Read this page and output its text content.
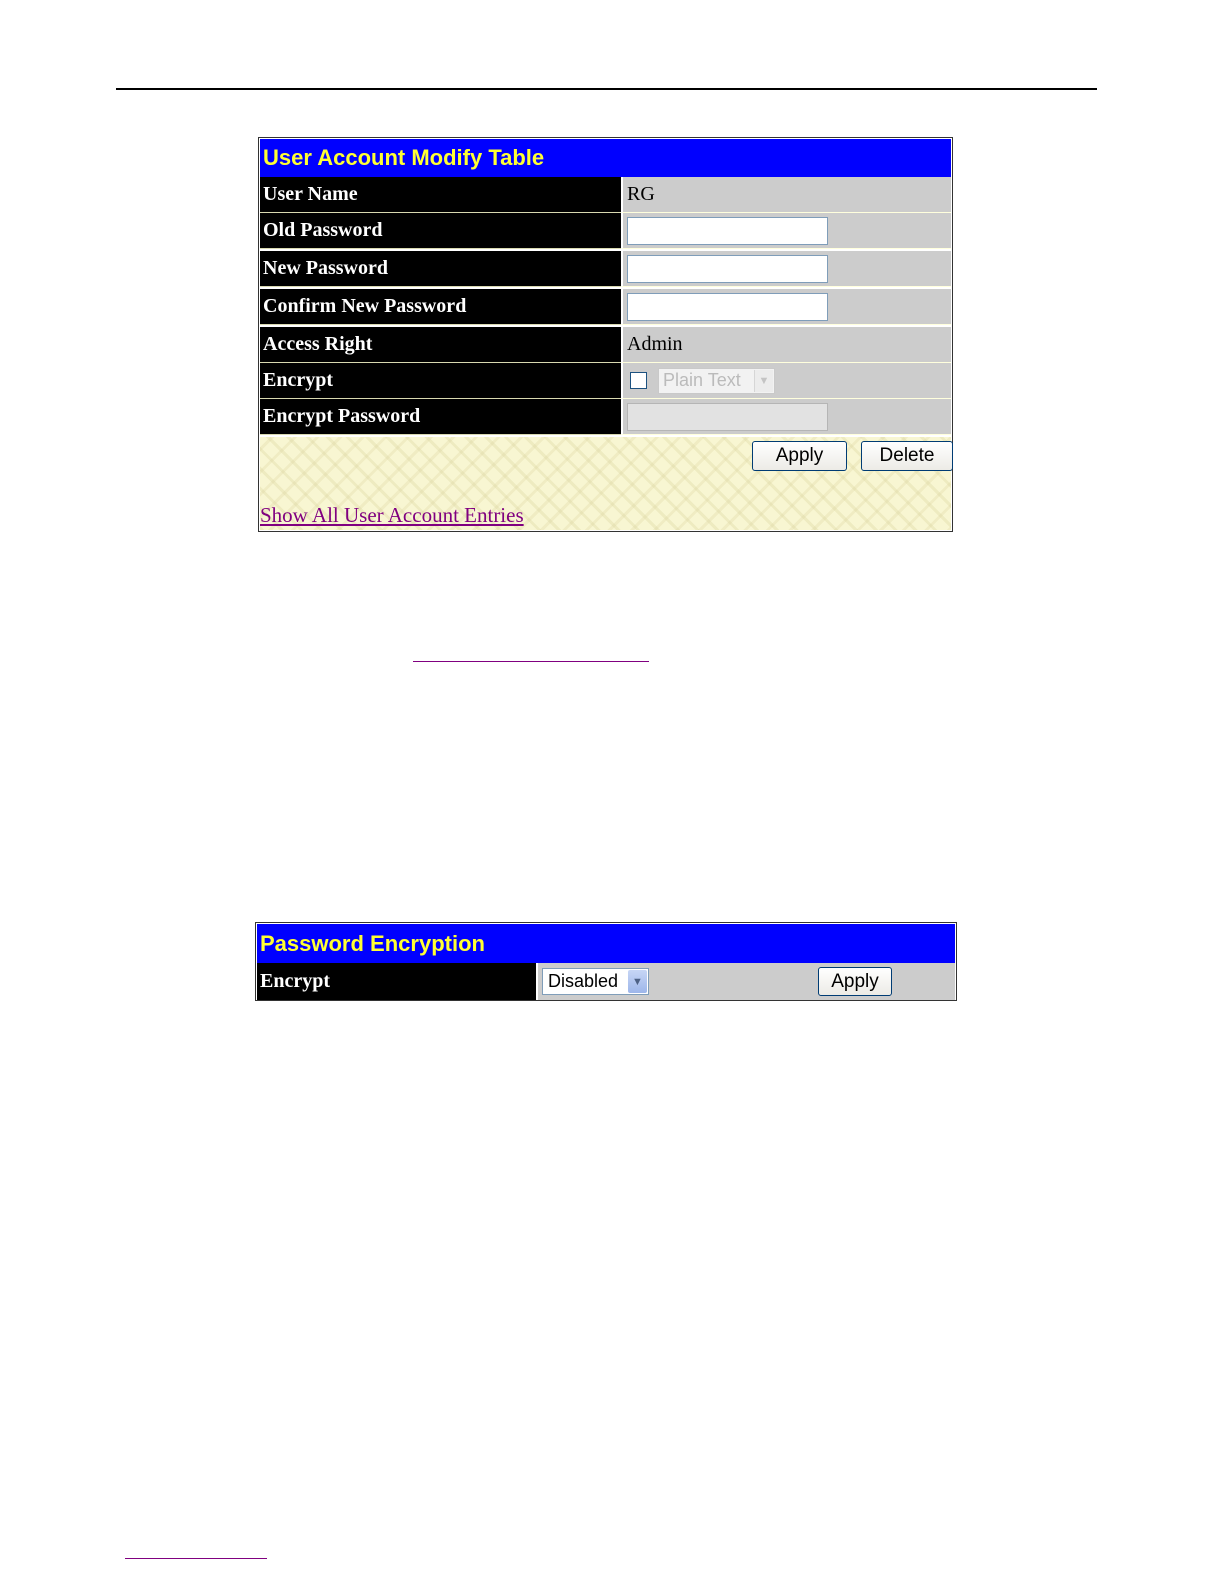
User Account Modify Table
User Name	RG
Old Password
New Password
Confirm New Password
Access Right	Admin
Encrypt	Plain Text	▼
Encrypt Password
Apply	Delete
Show All User Account Entries
Password Encryption
Encrypt	Disabled	▼	Apply
